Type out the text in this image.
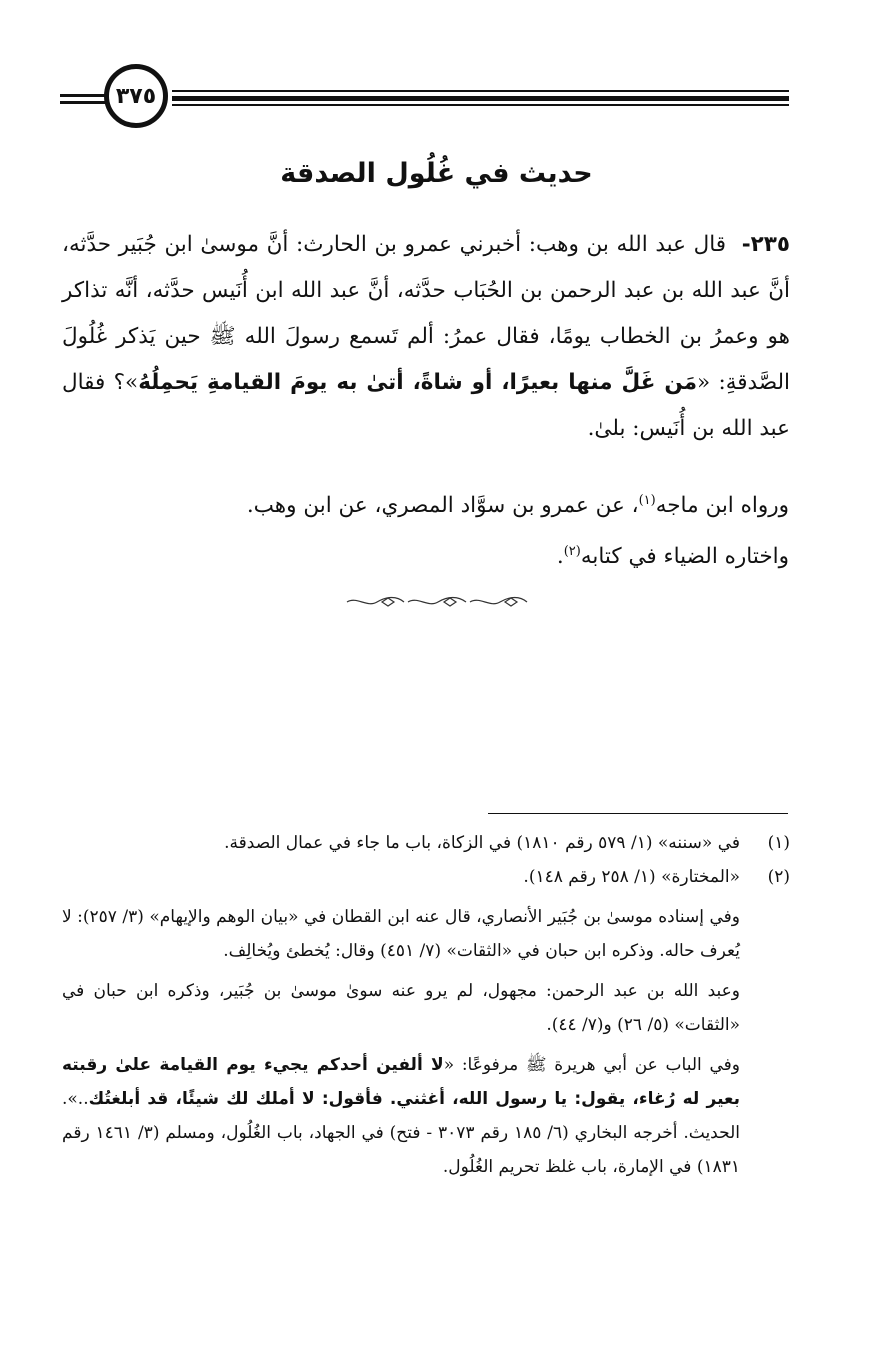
٣٧٥
حديث في غُلُول الصدقة

٢٣٥- قال عبد الله بن وهب: أخبرني عمرو بن الحارث: أنَّ موسىٰ ابن جُبَير حدَّثه، أنَّ عبد الله بن عبد الرحمن بن الحُبَاب حدَّثه، أنَّ عبد الله ابن أُنَيس حدَّثه، أنَّه تذاكر هو وعمرُ بن الخطاب يومًا، فقال عمرُ: ألم تَسمع رسولَ الله ﷺ حين يَذكر غُلُولَ الصَّدقةِ: «مَن غَلَّ منها بعيرًا، أو شاةً، أتىٰ به يومَ القيامةِ يَحمِلُهُ»؟ فقال عبد الله بن أُنَيس: بلىٰ.

ورواه ابن ماجه$^{(١)}$، عن عمرو بن سوَّاد المصري، عن ابن وهب.

واختاره الضياء في كتابه$^{(٢)}$.

(١)
في «سننه» (١/ ٥٧٩ رقم ١٨١٠) في الزكاة، باب ما جاء في عمال الصدقة.
(٢)
«المختارة» (١/ ٢٥٨ رقم ١٤٨).

وفي إسناده موسىٰ بن جُبَير الأنصاري، قال عنه ابن القطان في «بيان الوهم والإيهام» (٣/ ٢٥٧): لا يُعرف حاله. وذكره ابن حبان في «الثقات» (٧/ ٤٥١) وقال: يُخطئ ويُخالِف.

وعبد الله بن عبد الرحمن: مجهول، لم يرو عنه سوىٰ موسىٰ بن جُبَير، وذكره ابن حبان في «الثقات» (٥/ ٢٦) و(٧/ ٤٤).

وفي الباب عن أبي هريرة ﷺ مرفوعًا: «لا ألفين أحدكم يجيء يوم القيامة علىٰ رقبته بعير له رُغاء، يقول: يا رسول الله، أغثني. فأقول: لا أملك لك شيئًا، قد أبلغتُك..». الحديث. أخرجه البخاري (٦/ ١٨٥ رقم ٣٠٧٣ - فتح) في الجهاد، باب الغُلُول، ومسلم (٣/ ١٤٦١ رقم ١٨٣١) في الإمارة، باب غلظ تحريم الغُلُول.
